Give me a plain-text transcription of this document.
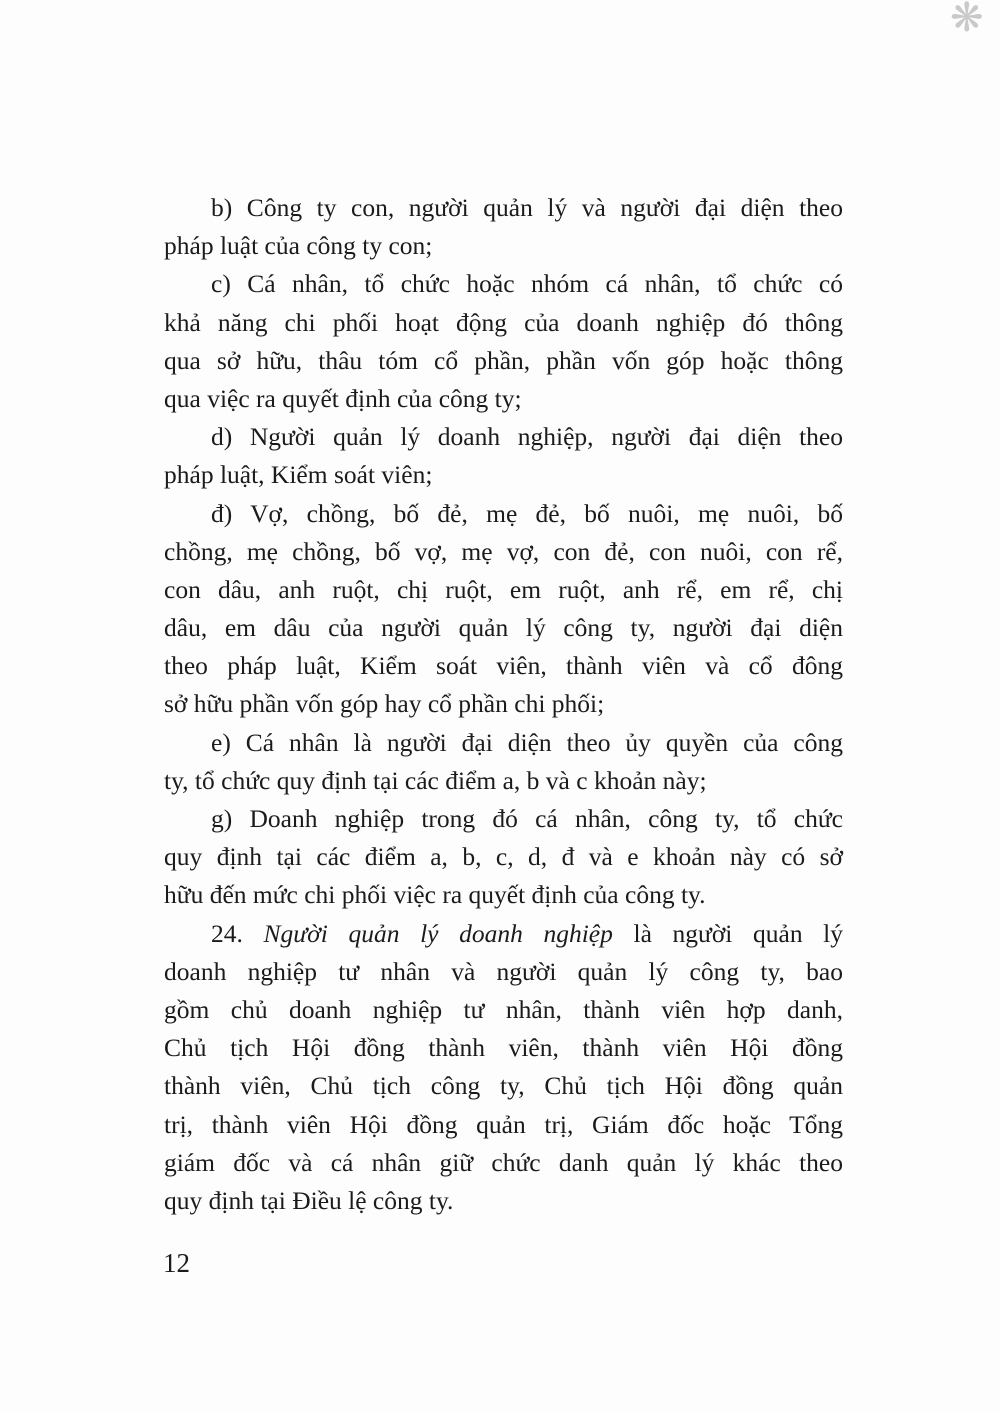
❋
b) Công ty con, người quản lý và người đại diện theo
pháp luật của công ty con;
c) Cá nhân, tổ chức hoặc nhóm cá nhân, tổ chức có
khả năng chi phối hoạt động của doanh nghiệp đó thông
qua sở hữu, thâu tóm cổ phần, phần vốn góp hoặc thông
qua việc ra quyết định của công ty;
d) Người quản lý doanh nghiệp, người đại diện theo
pháp luật, Kiểm soát viên;
đ) Vợ, chồng, bố đẻ, mẹ đẻ, bố nuôi, mẹ nuôi, bố
chồng, mẹ chồng, bố vợ, mẹ vợ, con đẻ, con nuôi, con rể,
con dâu, anh ruột, chị ruột, em ruột, anh rể, em rể, chị
dâu, em dâu của người quản lý công ty, người đại diện
theo pháp luật, Kiểm soát viên, thành viên và cổ đông
sở hữu phần vốn góp hay cổ phần chi phối;
e) Cá nhân là người đại diện theo ủy quyền của công
ty, tổ chức quy định tại các điểm a, b và c khoản này;
g) Doanh nghiệp trong đó cá nhân, công ty, tổ chức
quy định tại các điểm a, b, c, d, đ và e khoản này có sở
hữu đến mức chi phối việc ra quyết định của công ty.
24. Người quản lý doanh nghiệp là người quản lý
doanh nghiệp tư nhân và người quản lý công ty, bao
gồm chủ doanh nghiệp tư nhân, thành viên hợp danh,
Chủ tịch Hội đồng thành viên, thành viên Hội đồng
thành viên, Chủ tịch công ty, Chủ tịch Hội đồng quản
trị, thành viên Hội đồng quản trị, Giám đốc hoặc Tổng
giám đốc và cá nhân giữ chức danh quản lý khác theo
quy định tại Điều lệ công ty.
12
